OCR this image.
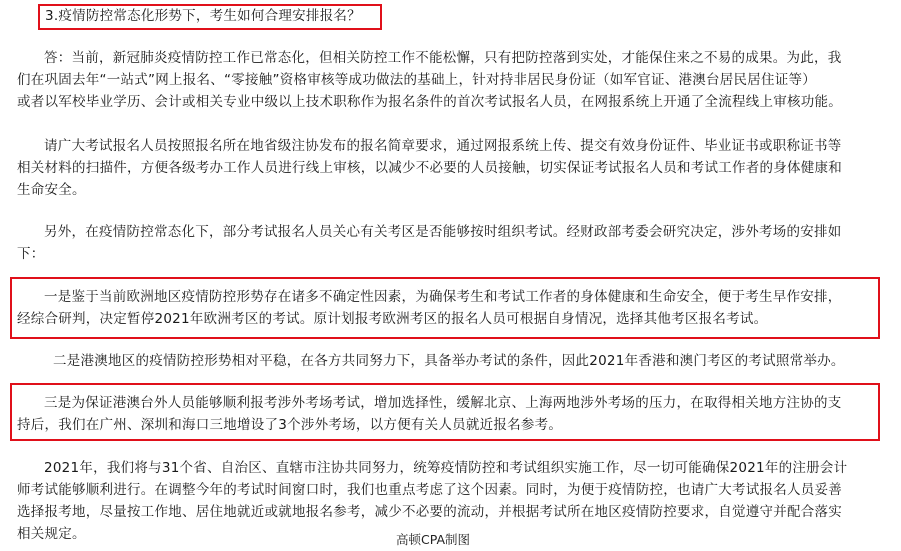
3.疫情防控常态化形势下，考生如何合理安排报名？
答：当前，新冠肺炎疫情防控工作已常态化，但相关防控工作不能松懈，只有把防控落到实处，才能保住来之不易的成果。为此，我
们在巩固去年“一站式”网上报名、“零接触”资格审核等成功做法的基础上，针对持非居民身份证（如军官证、港澳台居民居住证等）
或者以军校毕业学历、会计或相关专业中级以上技术职称作为报名条件的首次考试报名人员，在网报系统上开通了全流程线上审核功能。
请广大考试报名人员按照报名所在地省级注协发布的报名简章要求，通过网报系统上传、提交有效身份证件、毕业证书或职称证书等
相关材料的扫描件，方便各级考办工作人员进行线上审核，以减少不必要的人员接触，切实保证考试报名人员和考试工作者的身体健康和
生命安全。
另外，在疫情防控常态化下，部分考试报名人员关心有关考区是否能够按时组织考试。经财政部考委会研究决定，涉外考场的安排如
下：
一是鉴于当前欧洲地区疫情防控形势存在诸多不确定性因素，为确保考生和考试工作者的身体健康和生命安全，便于考生早作安排，
经综合研判，决定暂停2021年欧洲考区的考试。原计划报考欧洲考区的报名人员可根据自身情况，选择其他考区报名考试。
二是港澳地区的疫情防控形势相对平稳，在各方共同努力下，具备举办考试的条件，因此2021年香港和澳门考区的考试照常举办。
三是为保证港澳台外人员能够顺利报考涉外考场考试，增加选择性，缓解北京、上海两地涉外考场的压力，在取得相关地方注协的支
持后，我们在广州、深圳和海口三地增设了3个涉外考场，以方便有关人员就近报名参考。
2021年，我们将与31个省、自治区、直辖市注协共同努力，统筹疫情防控和考试组织实施工作，尽一切可能确保2021年的注册会计
师考试能够顺利进行。在调整今年的考试时间窗口时，我们也重点考虑了这个因素。同时，为便于疫情防控，也请广大考试报名人员妥善
选择报考地，尽量按工作地、居住地就近或就地报名参考，减少不必要的流动，并根据考试所在地区疫情防控要求，自觉遵守并配合落实
相关规定。	高顿CPA制图
